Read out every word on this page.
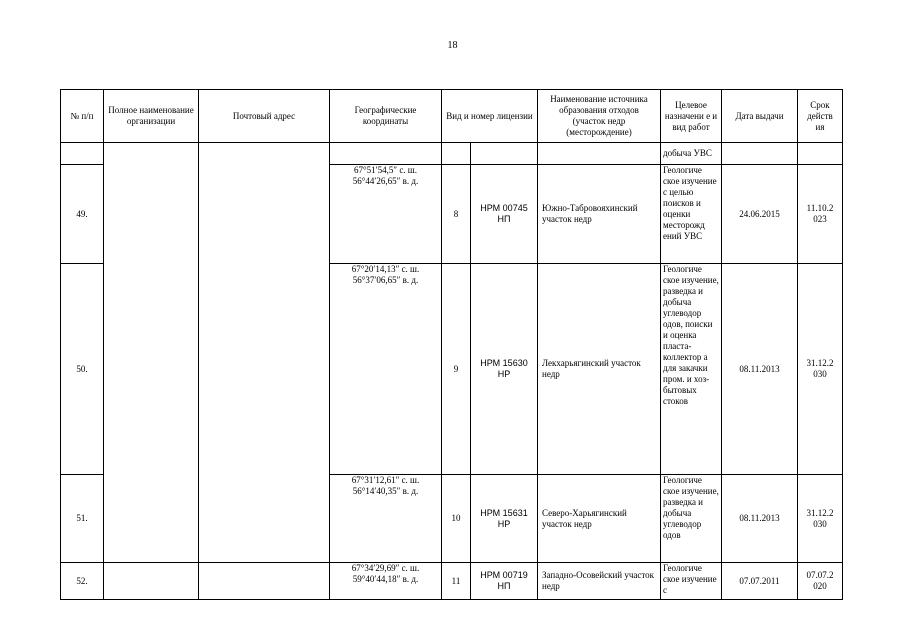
18
№ п/п	Полное наименование организации	Почтовый адрес	Географические координаты	Вид и номер лицензии		Наименование источника образования отходов (участок недр (месторождение)	Целевое назначени е и вид работ	Дата выдачи	Срок действ ия
							добыча УВС		
49.			67°51′54,5″ с. ш. 56°44′26,65″ в. д.	8	НРМ 00745 НП	Южно-Табровояхинский участок недр	Геологиче ское изучение с целью поисков и оценки месторожд ений УВС	24.06.2015	11.10.2 023
50.			67°20′14,13″ с. ш. 56°37′06,65″ в. д.	9	НРМ 15630 НР	Лекхарьягинский участок недр	Геологиче ское изучение, разведка и добыча углеводор одов, поиски и оценка пласта-коллектор а для закачки пром. и хоз-бытовых стоков	08.11.2013	31.12.2 030
51.			67°31′12,61″ с. ш. 56°14′40,35″ в. д.	10	НРМ 15631 НР	Северо-Харьягинский участок недр	Геологиче ское изучение, разведка и добыча углеводор одов	08.11.2013	31.12.2 030
52.			67°34′29,69″ с. ш. 59°40′44,18″ в. д.	11	НРМ 00719 НП	Западно-Осовейский участок недр	Геологиче ское изучение с	07.07.2011	07.07.2 020
